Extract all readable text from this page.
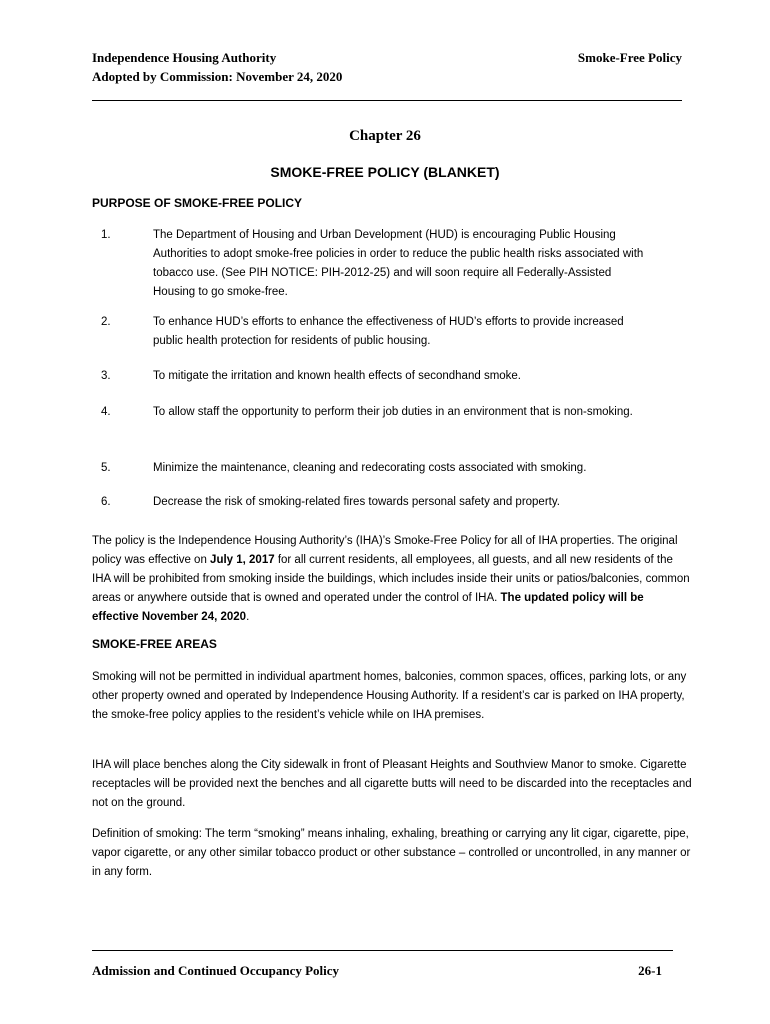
Independence Housing Authority
Adopted by Commission: November 24, 2020
Smoke-Free Policy
Chapter 26
SMOKE-FREE POLICY (BLANKET)
PURPOSE OF SMOKE-FREE POLICY
1.	The Department of Housing and Urban Development (HUD) is encouraging Public Housing Authorities to adopt smoke-free policies in order to reduce the public health risks associated with tobacco use. (See PIH NOTICE: PIH-2012-25) and will soon require all Federally-Assisted Housing to go smoke-free.
2.	To enhance HUD’s efforts to enhance the effectiveness of HUD’s efforts to provide increased public health protection for residents of public housing.
3.	To mitigate the irritation and known health effects of secondhand smoke.
4.	To allow staff the opportunity to perform their job duties in an environment that is non-smoking.
5.	Minimize the maintenance, cleaning and redecorating costs associated with smoking.
6.	Decrease the risk of smoking-related fires towards personal safety and property.

The policy is the Independence Housing Authority’s (IHA)’s Smoke-Free Policy for all of IHA properties. The original policy was effective on July 1, 2017 for all current residents, all employees, all guests, and all new residents of the IHA will be prohibited from smoking inside the buildings, which includes inside their units or patios/balconies, common areas or anywhere outside that is owned and operated under the control of IHA. The updated policy will be effective November 24, 2020.

SMOKE-FREE AREAS

Smoking will not be permitted in individual apartment homes, balconies, common spaces, offices, parking lots, or any other property owned and operated by Independence Housing Authority. If a resident’s car is parked on IHA property, the smoke-free policy applies to the resident’s vehicle while on IHA premises.

IHA will place benches along the City sidewalk in front of Pleasant Heights and Southview Manor to smoke. Cigarette receptacles will be provided next the benches and all cigarette butts will need to be discarded into the receptacles and not on the ground.

Definition of smoking: The term “smoking” means inhaling, exhaling, breathing or carrying any lit cigar, cigarette, pipe, vapor cigarette, or any other similar tobacco product or other substance – controlled or uncontrolled, in any manner or in any form.

Admission and Continued Occupancy Policy	26-1
